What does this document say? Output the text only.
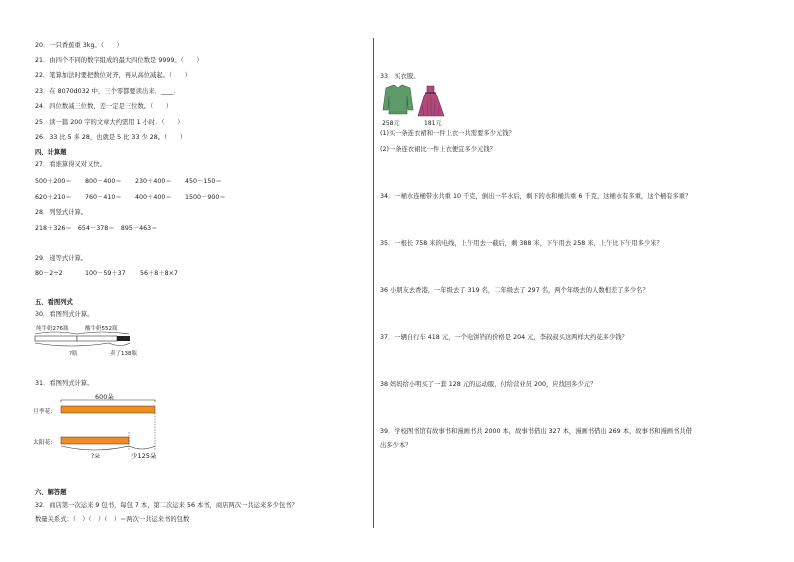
20．一只香蕉重 3kg。（　　）
21．由四个不同的数字组成的最大四位数是 9999。（　　）
22．笔算加法时要把数位对齐，再从高位减起。（　　）
23．在 8070d032 中，三个零都要读出来．____．
24．四位数减三位数，差一定是三位数。（　　）
25．读一篇 200 字的文章大约需用 1 小时．（　　）
26．33 比 5 多 28，也就是 5 比 33 少 28。（　　）
四、计算题
27．看谁算得又对又快。
500＋200＝ 800－400＝ 230＋400＝ 450－150＝
620＋210＝ 760－410＝ 400＋400＝ 1500－900＝
28．列竖式计算。
218＋326＝　654－378＝　895－463＝
29．递等式计算。
80－2÷2	100－59＋37 56＋8＋8×7
五、看图列式
30．看图列式计算。
纯牛奶276瓶	酸牛奶552瓶
?瓶	卖了138瓶
31．看图列式计算。
600朵
月季花:
太阳花:
?朵	少125朵
六、解答题
32．商店第一次运来 9 包书，每包 7 本，第二次运来 56 本书，商店两次一共运来多少包书？
数量关系式：（　）（　）（　）＝两次一共运来书的包数
33．买衣服。
258元	181元
(1)买一条连衣裙和一件上衣一共需要多少元钱？
(2)一条连衣裙比一件上衣便宜多少元钱？
34．一桶水连桶带水共重 10 千克，倒出一半水后，剩下的水和桶共重 6 千克，这桶水有多重，这个桶有多重？
35．一根长 758 米的电线，上午用去一截后，剩 388 米，下午用去 258 米，上午比下午用多少米？
36 小朋友去香港，一年级去了 319 名，二年级去了 297 名，两个年级去的人数相差了多少名？
37．一辆自行车 418 元，一个电饼铛的价格是 204 元，李叔叔买这两样大约花多少钱？
38 妈妈给小明买了一套 128 元的运动服，付给营业员 200，应找回多少元？
39．学校图书馆有故事书和漫画书共 2000 本，故事书借出 327 本，漫画书借出 269 本，故事书和漫画书共借
出多少本？
